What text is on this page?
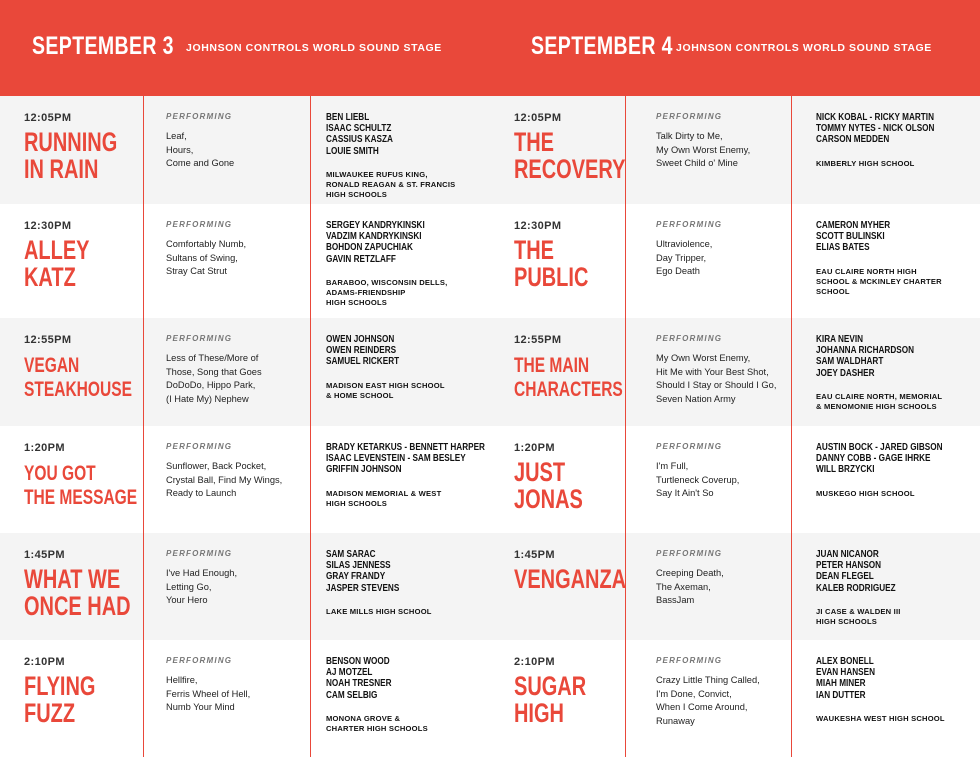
SEPTEMBER 3 JOHNSON CONTROLS WORLD SOUND STAGE	SEPTEMBER 4 JOHNSON CONTROLS WORLD SOUND STAGE
12:05PM
RUNNING
IN RAIN
PERFORMING
Leaf,
Hours,
Come and Gone
BEN LIEBL
ISAAC SCHULTZ
CASSIUS KASZA
LOUIE SMITH
MILWAUKEE RUFUS KING,
RONALD REAGAN & ST. FRANCIS
HIGH SCHOOLS
12:30PM
ALLEY
KATZ
PERFORMING
Comfortably Numb,
Sultans of Swing,
Stray Cat Strut
SERGEY KANDRYKINSKI
VADZIM KANDRYKINSKI
BOHDON ZAPUCHIAK
GAVIN RETZLAFF
BARABOO, WISCONSIN DELLS,
ADAMS-FRIENDSHIP
HIGH SCHOOLS
12:55PM
VEGAN
STEAKHOUSE
PERFORMING
Less of These/More of
Those, Song that Goes
DoDoDo, Hippo Park,
(I Hate My) Nephew
OWEN JOHNSON
OWEN REINDERS
SAMUEL RICKERT
MADISON EAST HIGH SCHOOL
& HOME SCHOOL
1:20PM
YOU GOT
THE MESSAGE
PERFORMING
Sunflower, Back Pocket,
Crystal Ball, Find My Wings,
Ready to Launch
BRADY KETARKUS - BENNETT HARPER
ISAAC LEVENSTEIN - SAM BESLEY
GRIFFIN JOHNSON
MADISON MEMORIAL & WEST
HIGH SCHOOLS
1:45PM
WHAT WE
ONCE HAD
PERFORMING
I've Had Enough,
Letting Go,
Your Hero
SAM SARAC
SILAS JENNESS
GRAY FRANDY
JASPER STEVENS
LAKE MILLS HIGH SCHOOL
2:10PM
FLYING
FUZZ
PERFORMING
Hellfire,
Ferris Wheel of Hell,
Numb Your Mind
BENSON WOOD
AJ MOTZEL
NOAH TRESNER
CAM SELBIG
MONONA GROVE &
CHARTER HIGH SCHOOLS
12:05PM
THE
RECOVERY
PERFORMING
Talk Dirty to Me,
My Own Worst Enemy,
Sweet Child o' Mine
NICK KOBAL - RICKY MARTIN
TOMMY NYTES - NICK OLSON
CARSON MEDDEN
KIMBERLY HIGH SCHOOL
12:30PM
THE
PUBLIC
PERFORMING
Ultraviolence,
Day Tripper,
Ego Death
CAMERON MYHER
SCOTT BULINSKI
ELIAS BATES
EAU CLAIRE NORTH HIGH
SCHOOL & MCKINLEY CHARTER
SCHOOL
12:55PM
THE MAIN
CHARACTERS
PERFORMING
My Own Worst Enemy,
Hit Me with Your Best Shot,
Should I Stay or Should I Go,
Seven Nation Army
KIRA NEVIN
JOHANNA RICHARDSON
SAM WALDHART
JOEY DASHER
EAU CLAIRE NORTH, MEMORIAL
& MENOMONIE HIGH SCHOOLS
1:20PM
JUST
JONAS
PERFORMING
I'm Full,
Turtleneck Coverup,
Say It Ain't So
AUSTIN BOCK - JARED GIBSON
DANNY COBB - GAGE IHRKE
WILL BRZYCKI
MUSKEGO HIGH SCHOOL
1:45PM
VENGANZA
PERFORMING
Creeping Death,
The Axeman,
BassJam
JUAN NICANOR
PETER HANSON
DEAN FLEGEL
KALEB RODRIGUEZ
JI CASE & WALDEN III
HIGH SCHOOLS
2:10PM
SUGAR
HIGH
PERFORMING
Crazy Little Thing Called,
I'm Done, Convict,
When I Come Around,
Runaway
ALEX BONELL
EVAN HANSEN
MIAH MINER
IAN DUTTER
WAUKESHA WEST HIGH SCHOOL
